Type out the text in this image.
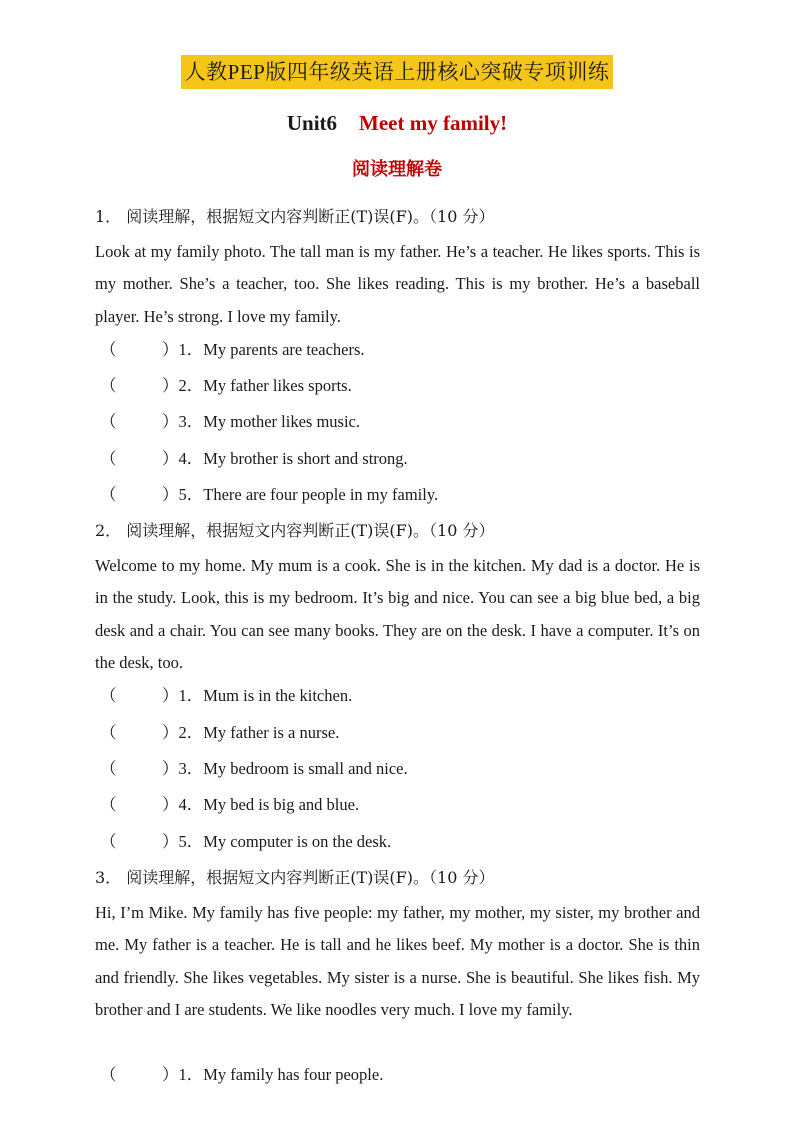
人教PEP版四年级英语上册核心突破专项训练
Unit6 Meet my family!
阅读理解卷
1． 阅读理解，根据短文内容判断正(T)误(F)。（10 分）
Look at my family photo. The tall man is my father. He’s a teacher. He likes sports. This is my mother. She’s a teacher, too. She likes reading. This is my brother. He’s a baseball player. He’s strong. I love my family.
（	）1．My parents are teachers.
（	）2．My father likes sports.
（	）3．My mother likes music.
（	）4．My brother is short and strong.
（	）5．There are four people in my family.
2． 阅读理解，根据短文内容判断正(T)误(F)。（10 分）
Welcome to my home. My mum is a cook. She is in the kitchen. My dad is a doctor. He is in the study. Look, this is my bedroom. It’s big and nice. You can see a big blue bed, a big desk and a chair. You can see many books. They are on the desk. I have a computer. It’s on the desk, too.
（	）1．Mum is in the kitchen.
（	）2．My father is a nurse.
（	）3．My bedroom is small and nice.
（	）4．My bed is big and blue.
（	）5．My computer is on the desk.
3． 阅读理解，根据短文内容判断正(T)误(F)。（10 分）
Hi, I’m Mike. My family has five people: my father, my mother, my sister, my brother and me. My father is a teacher. He is tall and he likes beef. My mother is a doctor. She is thin and friendly. She likes vegetables. My sister is a nurse. She is beautiful. She likes fish. My brother and I are students. We like noodles very much. I love my family.
（	）1．My family has four people.
